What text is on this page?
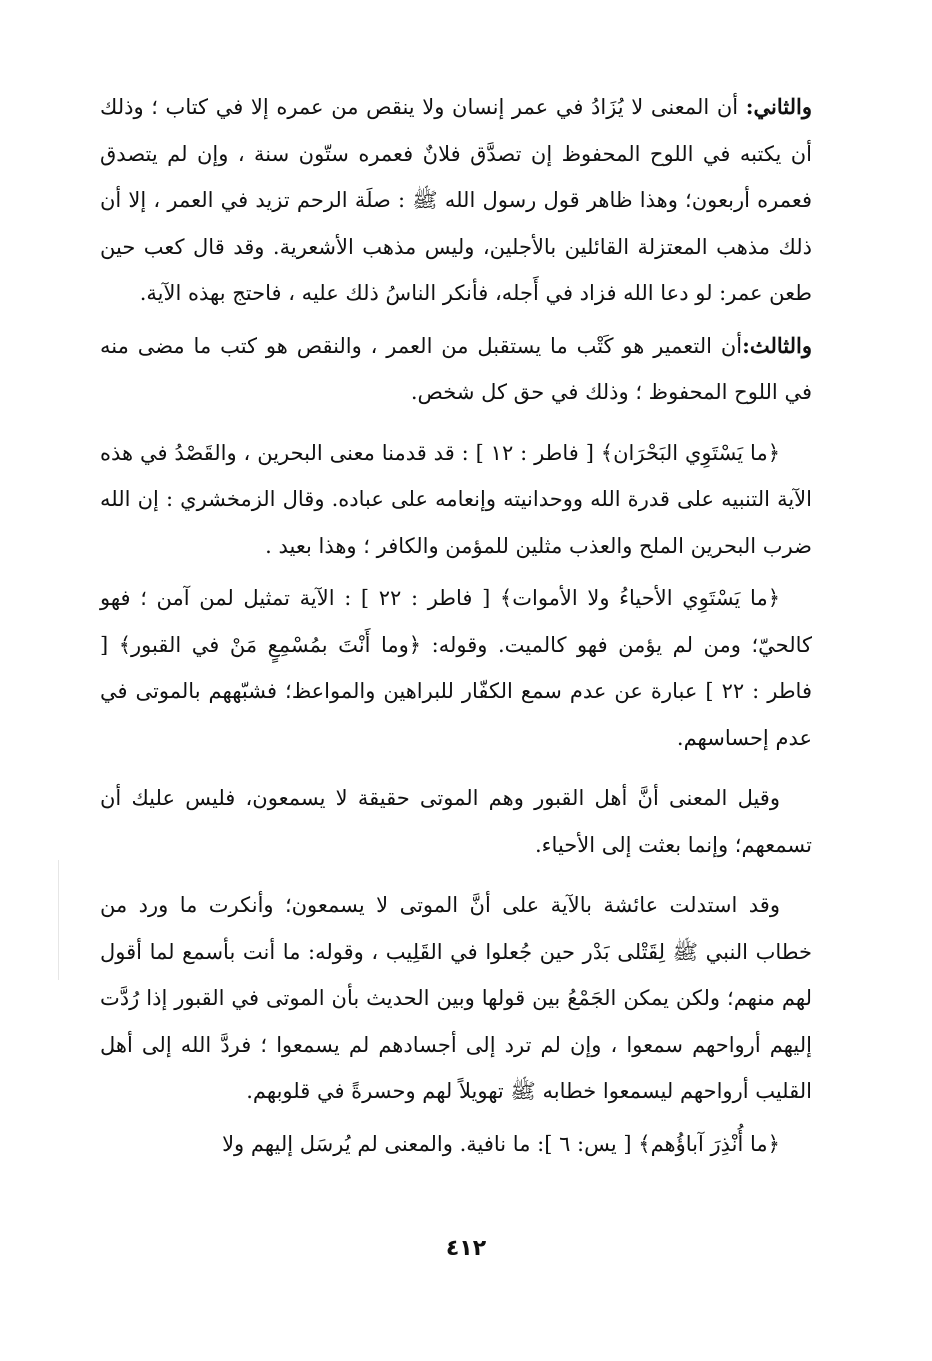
والثاني: أن المعنى لا يُزَادُ في عمر إنسان ولا ينقص من عمره إلا في كتاب ؛ وذلك أن يكتبه في اللوح المحفوظ إن تصدَّق فلانٌ فعمره ستّون سنة ، وإن لم يتصدق فعمره أربعون؛ وهذا ظاهر قول رسول الله ﷺ : صلَة الرحم تزيد في العمر ، إلا أن ذلك مذهب المعتزلة القائلين بالأجلين، وليس مذهب الأشعرية. وقد قال كعب حين طعن عمر: لو دعا الله فزاد في أَجله، فأنكر الناسُ ذلك عليه ، فاحتج بهذه الآية.

والثالث:أن التعمير هو كَتْب ما يستقبل من العمر ، والنقص هو كتب ما مضى منه في اللوح المحفوظ ؛ وذلك في حق كل شخص.

﴿ما يَسْتَوِي البَحْرَان﴾ [ فاطر : ١٢ ] : قد قدمنا معنى البحرين ، والقَصْدُ في هذه الآية التنبيه على قدرة الله ووحدانيته وإنعامه على عباده. وقال الزمخشري : إن الله ضرب البحرين الملح والعذب مثلين للمؤمن والكافر ؛ وهذا بعيد .

﴿ما يَسْتَوِي الأحياءُ ولا الأموات﴾ [ فاطر : ٢٢ ] : الآية تمثيل لمن آمن ؛ فهو كالحيّ؛ ومن لم يؤمن فهو كالميت. وقوله: ﴿وما أَنْتَ بمُسْمِعٍ مَنْ في القبور﴾ [ فاطر : ٢٢ ] عبارة عن عدم سمع الكفّار للبراهين والمواعظ؛ فشبّههم بالموتى في عدم إحساسهم.

وقيل المعنى أنَّ أهل القبور وهم الموتى حقيقة لا يسمعون، فليس عليك أن تسمعهم؛ وإنما بعثت إلى الأحياء.

وقد استدلت عائشة بالآية على أنَّ الموتى لا يسمعون؛ وأنكرت ما ورد من خطاب النبي ﷺ لِقَتْلى بَدْر حين جُعلوا في القَلِيب ، وقوله: ما أنت بأسمع لما أقول لهم منهم؛ ولكن يمكن الجَمْعُ بين قولها وبين الحديث بأن الموتى في القبور إذا رُدَّت إليهم أرواحهم سمعوا ، وإن لم ترد إلى أجسادهم لم يسمعوا ؛ فردَّ الله إلى أهل القليب أرواحهم ليسمعوا خطابه ﷺ تهويلاً لهم وحسرةً في قلوبهم.

﴿ما أُنْذِرَ آباؤُهم﴾ [ يس: ٦ ]: ما نافية. والمعنى لم يُرسَل إليهم ولا

٤١٢
